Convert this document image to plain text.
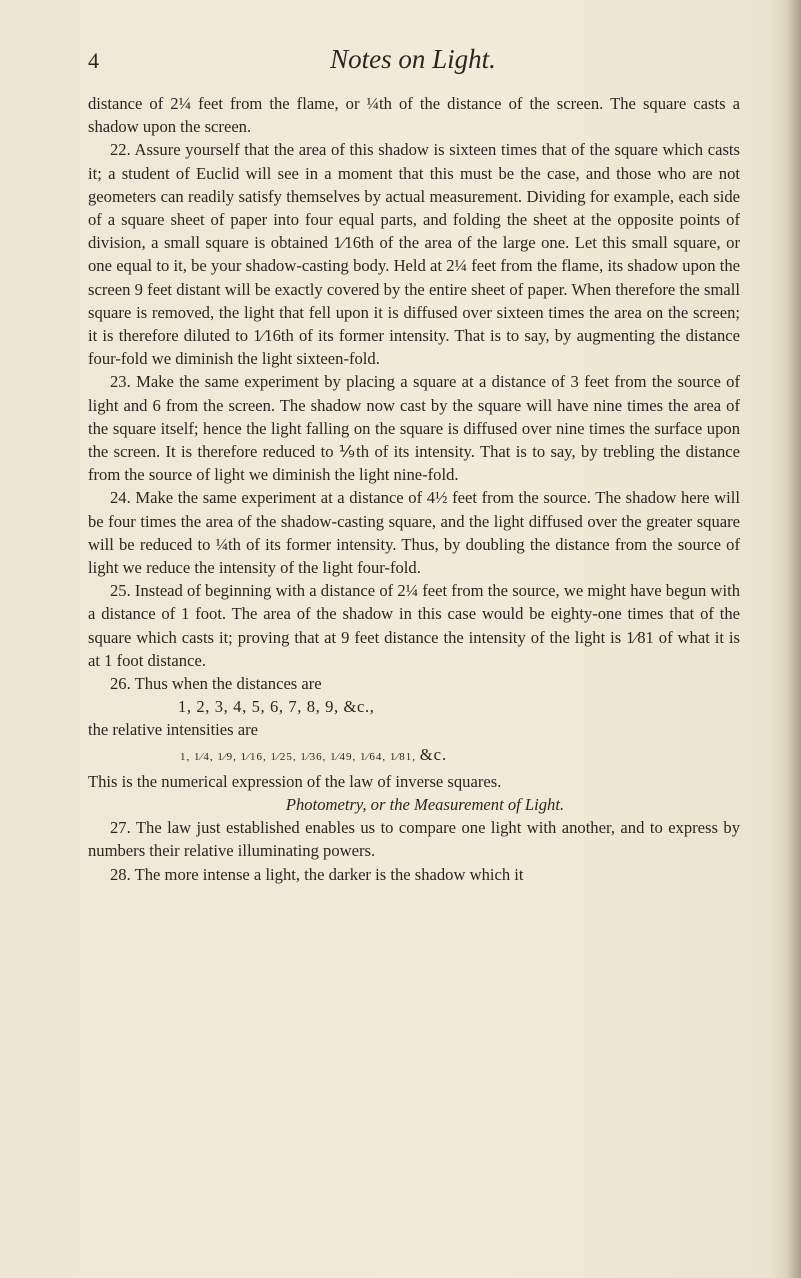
4	Notes on Light.

distance of 2¼ feet from the flame, or ¼th of the distance of the screen. The square casts a shadow upon the screen.

22. Assure yourself that the area of this shadow is sixteen times that of the square which casts it; a student of Euclid will see in a moment that this must be the case, and those who are not geometers can readily satisfy themselves by actual measurement. Dividing for example, each side of a square sheet of paper into four equal parts, and folding the sheet at the opposite points of division, a small square is obtained 1⁄16th of the area of the large one. Let this small square, or one equal to it, be your shadow-casting body. Held at 2¼ feet from the flame, its shadow upon the screen 9 feet distant will be exactly covered by the entire sheet of paper. When therefore the small square is removed, the light that fell upon it is diffused over sixteen times the area on the screen; it is therefore diluted to 1⁄16th of its former intensity. That is to say, by augmenting the distance four-fold we diminish the light sixteen-fold.

23. Make the same experiment by placing a square at a distance of 3 feet from the source of light and 6 from the screen. The shadow now cast by the square will have nine times the area of the square itself; hence the light falling on the square is diffused over nine times the surface upon the screen. It is therefore reduced to ⅑th of its intensity. That is to say, by trebling the distance from the source of light we diminish the light nine-fold.

24. Make the same experiment at a distance of 4½ feet from the source. The shadow here will be four times the area of the shadow-casting square, and the light diffused over the greater square will be reduced to ¼th of its former intensity. Thus, by doubling the distance from the source of light we reduce the intensity of the light four-fold.

25. Instead of beginning with a distance of 2¼ feet from the source, we might have begun with a distance of 1 foot. The area of the shadow in this case would be eighty-one times that of the square which casts it; proving that at 9 feet distance the intensity of the light is 1⁄81 of what it is at 1 foot distance.

26. Thus when the distances are

1, 2, 3, 4, 5, 6, 7, 8, 9, &c.,

the relative intensities are

1, 1⁄4, 1⁄9, 1⁄16, 1⁄25, 1⁄36, 1⁄49, 1⁄64, 1⁄81, &c.

This is the numerical expression of the law of inverse squares.

Photometry, or the Measurement of Light.

27. The law just established enables us to compare one light with another, and to express by numbers their relative illuminating powers.

28. The more intense a light, the darker is the shadow which it
